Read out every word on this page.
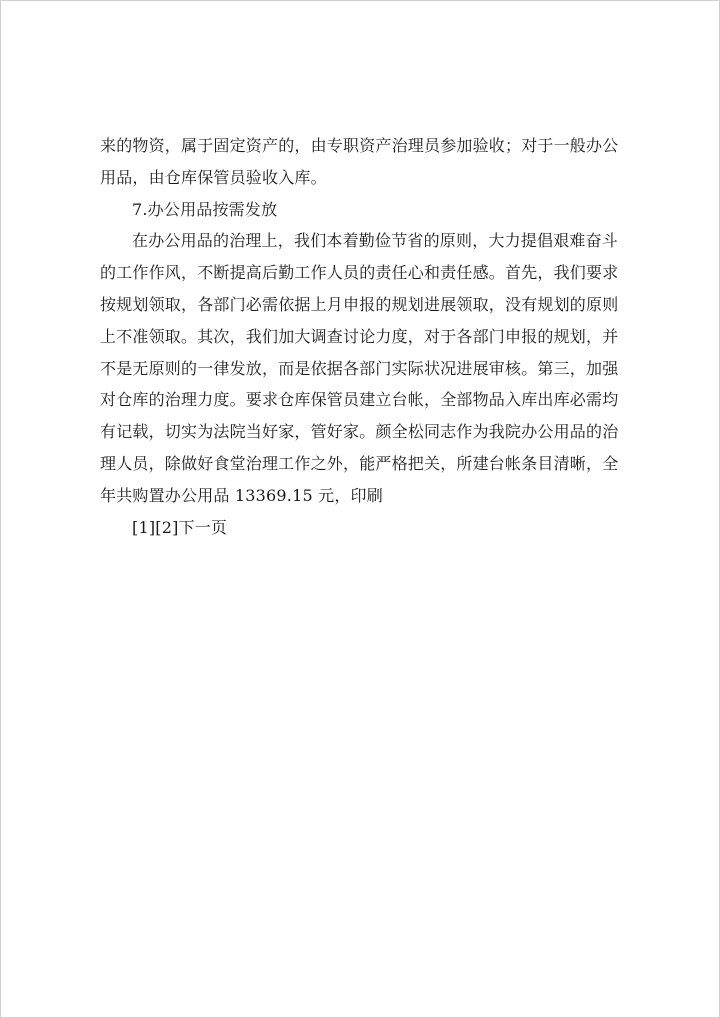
来的物资，属于固定资产的，由专职资产治理员参加验收；对于一般办公

用品，由仓库保管员验收入库。

7.办公用品按需发放

在办公用品的治理上，我们本着勤俭节省的原则，大力提倡艰难奋斗

的工作作风，不断提高后勤工作人员的责任心和责任感。首先，我们要求

按规划领取，各部门必需依据上月申报的规划进展领取，没有规划的原则

上不准领取。其次，我们加大调查讨论力度，对于各部门申报的规划，并

不是无原则的一律发放，而是依据各部门实际状况进展审核。第三，加强

对仓库的治理力度。要求仓库保管员建立台帐，全部物品入库出库必需均

有记载，切实为法院当好家，管好家。颜全松同志作为我院办公用品的治

理人员，除做好食堂治理工作之外，能严格把关，所建台帐条目清晰，全

年共购置办公用品 13369.15 元，印刷

[1][2]下一页
